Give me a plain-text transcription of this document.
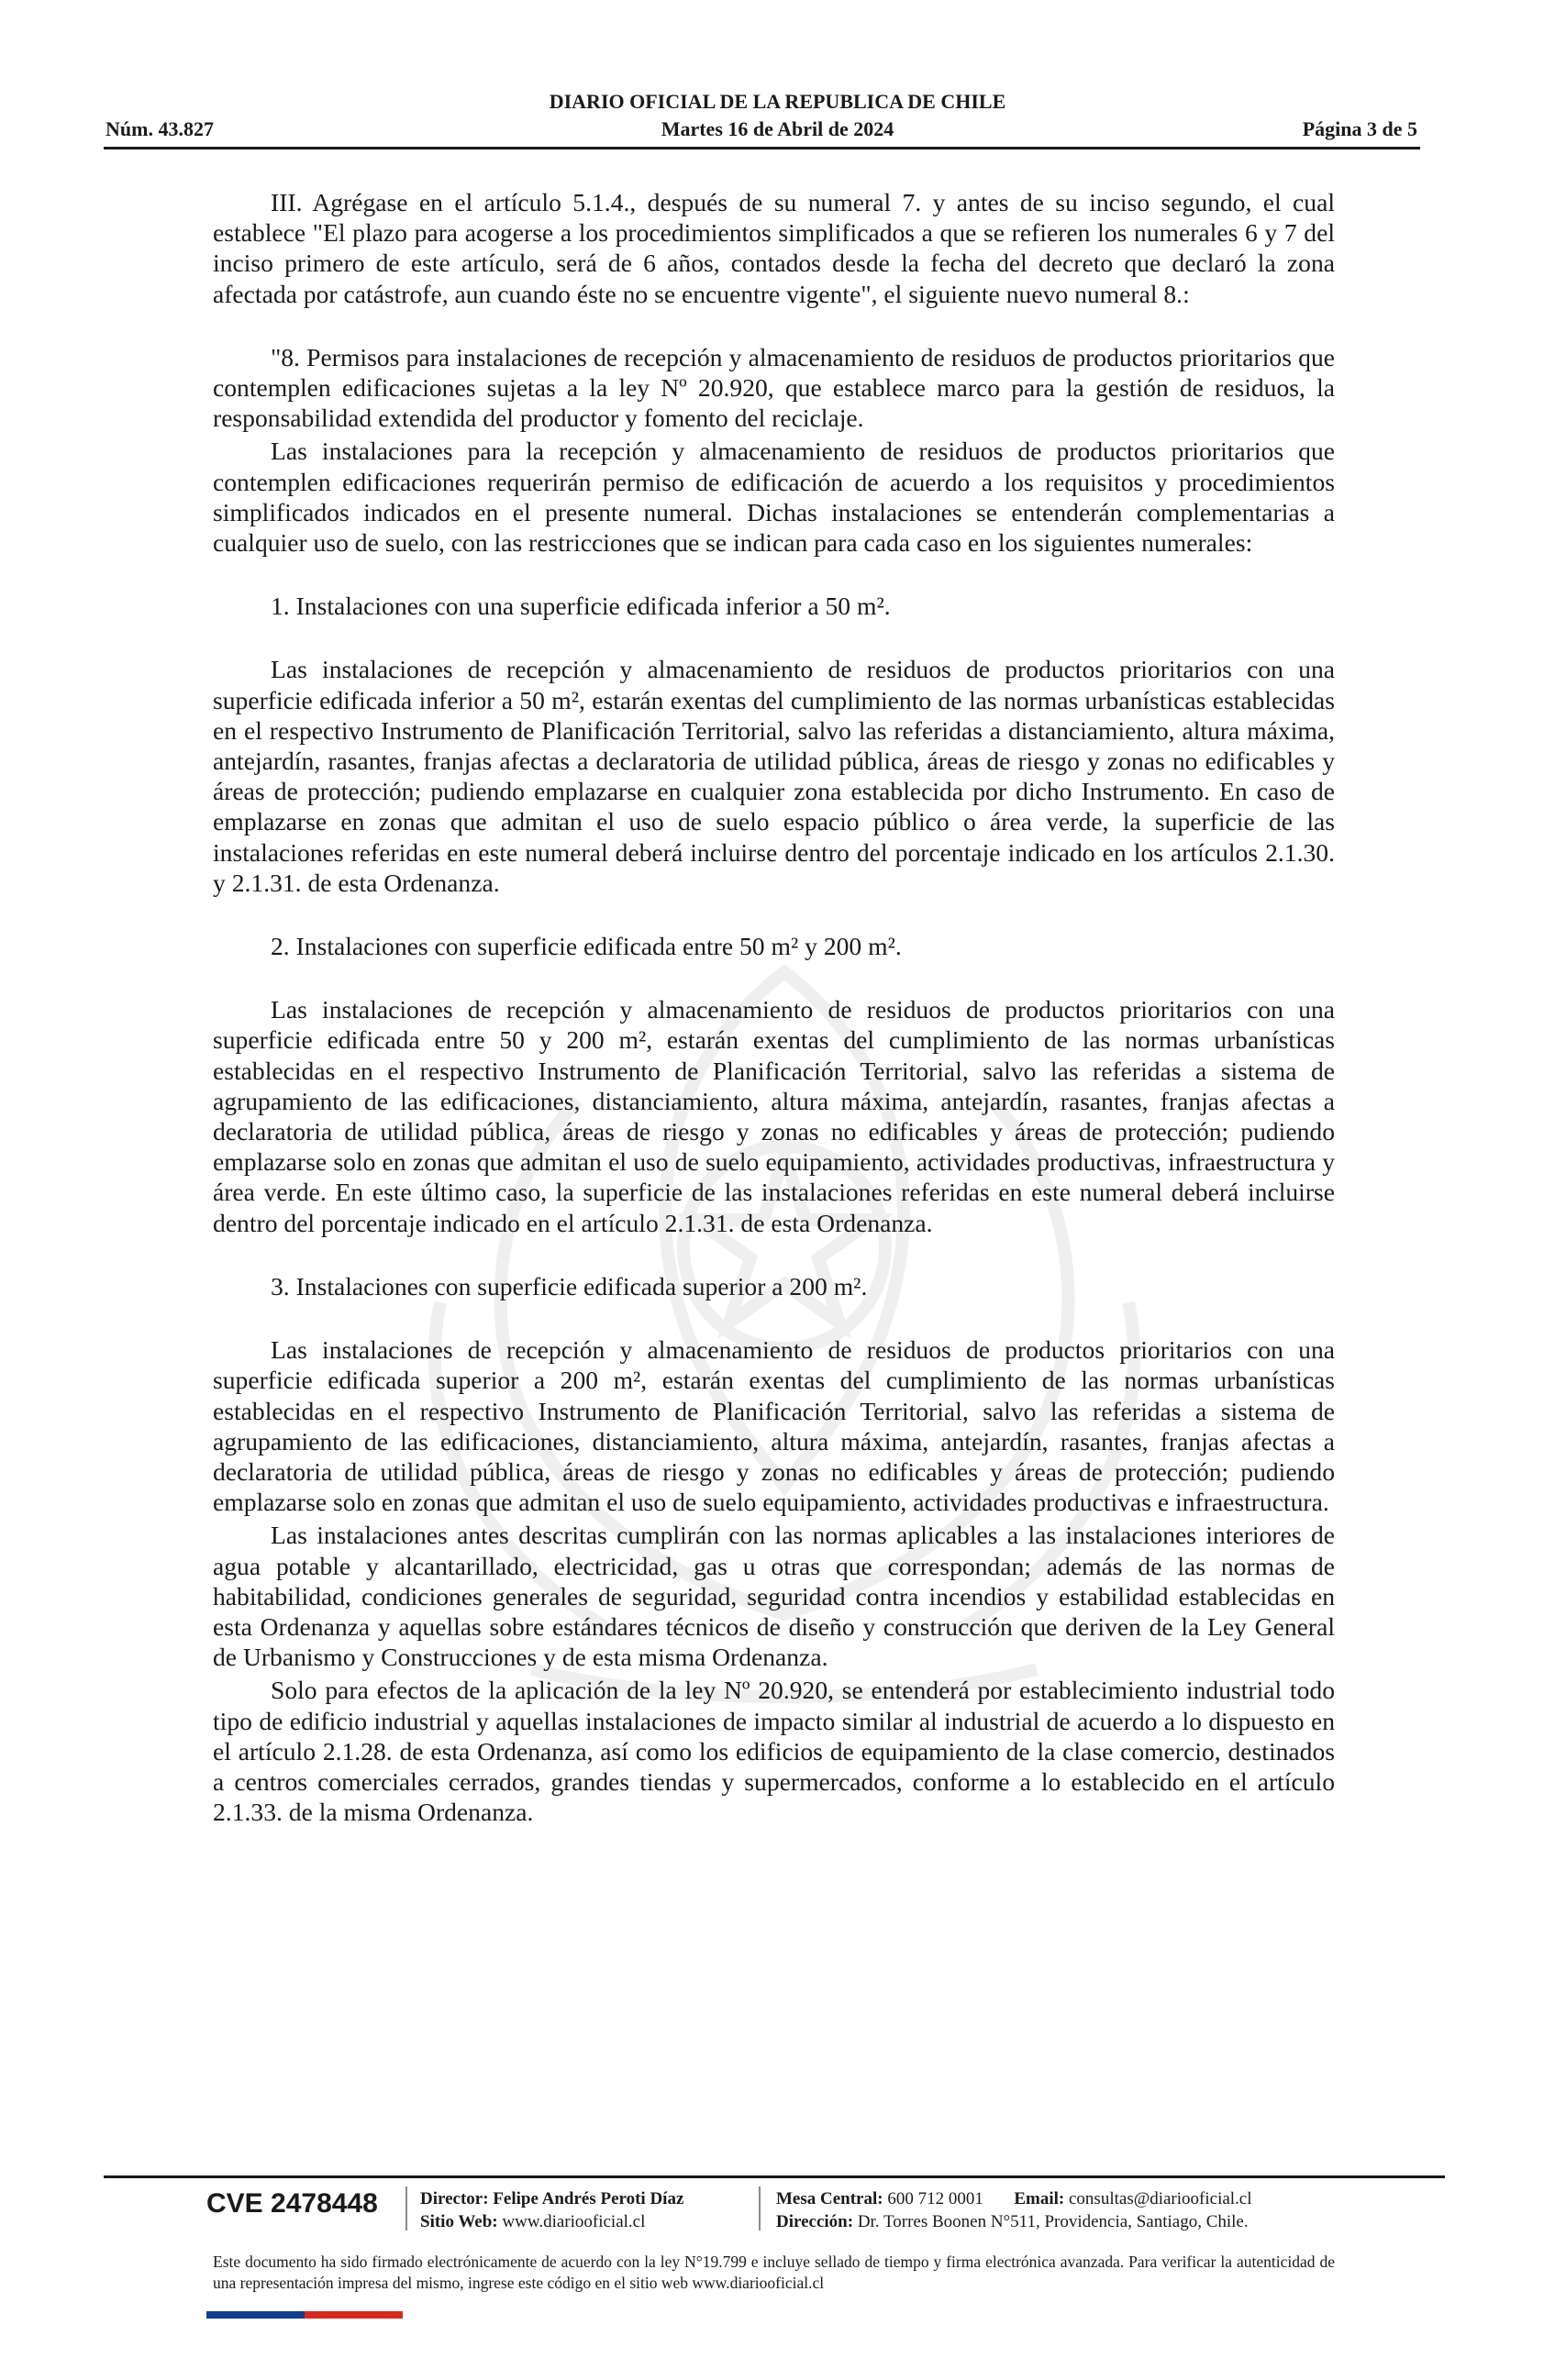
DIARIO OFICIAL DE LA REPUBLICA DE CHILE
Núm. 43.827	Martes 16 de Abril de 2024	Página 3 de 5

III. Agrégase en el artículo 5.1.4., después de su numeral 7. y antes de su inciso segundo, el cual establece "El plazo para acogerse a los procedimientos simplificados a que se refieren los numerales 6 y 7 del inciso primero de este artículo, será de 6 años, contados desde la fecha del decreto que declaró la zona afectada por catástrofe, aun cuando éste no se encuentre vigente", el siguiente nuevo numeral 8.:

"8. Permisos para instalaciones de recepción y almacenamiento de residuos de productos prioritarios que contemplen edificaciones sujetas a la ley Nº 20.920, que establece marco para la gestión de residuos, la responsabilidad extendida del productor y fomento del reciclaje.

Las instalaciones para la recepción y almacenamiento de residuos de productos prioritarios que contemplen edificaciones requerirán permiso de edificación de acuerdo a los requisitos y procedimientos simplificados indicados en el presente numeral. Dichas instalaciones se entenderán complementarias a cualquier uso de suelo, con las restricciones que se indican para cada caso en los siguientes numerales:

1. Instalaciones con una superficie edificada inferior a 50 m².

Las instalaciones de recepción y almacenamiento de residuos de productos prioritarios con una superficie edificada inferior a 50 m², estarán exentas del cumplimiento de las normas urbanísticas establecidas en el respectivo Instrumento de Planificación Territorial, salvo las referidas a distanciamiento, altura máxima, antejardín, rasantes, franjas afectas a declaratoria de utilidad pública, áreas de riesgo y zonas no edificables y áreas de protección; pudiendo emplazarse en cualquier zona establecida por dicho Instrumento. En caso de emplazarse en zonas que admitan el uso de suelo espacio público o área verde, la superficie de las instalaciones referidas en este numeral deberá incluirse dentro del porcentaje indicado en los artículos 2.1.30. y 2.1.31. de esta Ordenanza.

2. Instalaciones con superficie edificada entre 50 m² y 200 m².

Las instalaciones de recepción y almacenamiento de residuos de productos prioritarios con una superficie edificada entre 50 y 200 m², estarán exentas del cumplimiento de las normas urbanísticas establecidas en el respectivo Instrumento de Planificación Territorial, salvo las referidas a sistema de agrupamiento de las edificaciones, distanciamiento, altura máxima, antejardín, rasantes, franjas afectas a declaratoria de utilidad pública, áreas de riesgo y zonas no edificables y áreas de protección; pudiendo emplazarse solo en zonas que admitan el uso de suelo equipamiento, actividades productivas, infraestructura y área verde. En este último caso, la superficie de las instalaciones referidas en este numeral deberá incluirse dentro del porcentaje indicado en el artículo 2.1.31. de esta Ordenanza.

3. Instalaciones con superficie edificada superior a 200 m².

Las instalaciones de recepción y almacenamiento de residuos de productos prioritarios con una superficie edificada superior a 200 m², estarán exentas del cumplimiento de las normas urbanísticas establecidas en el respectivo Instrumento de Planificación Territorial, salvo las referidas a sistema de agrupamiento de las edificaciones, distanciamiento, altura máxima, antejardín, rasantes, franjas afectas a declaratoria de utilidad pública, áreas de riesgo y zonas no edificables y áreas de protección; pudiendo emplazarse solo en zonas que admitan el uso de suelo equipamiento, actividades productivas e infraestructura.

Las instalaciones antes descritas cumplirán con las normas aplicables a las instalaciones interiores de agua potable y alcantarillado, electricidad, gas u otras que correspondan; además de las normas de habitabilidad, condiciones generales de seguridad, seguridad contra incendios y estabilidad establecidas en esta Ordenanza y aquellas sobre estándares técnicos de diseño y construcción que deriven de la Ley General de Urbanismo y Construcciones y de esta misma Ordenanza.

Solo para efectos de la aplicación de la ley Nº 20.920, se entenderá por establecimiento industrial todo tipo de edificio industrial y aquellas instalaciones de impacto similar al industrial de acuerdo a lo dispuesto en el artículo 2.1.28. de esta Ordenanza, así como los edificios de equipamiento de la clase comercio, destinados a centros comerciales cerrados, grandes tiendas y supermercados, conforme a lo establecido en el artículo 2.1.33. de la misma Ordenanza.

CVE 2478448 Director: Felipe Andrés Peroti Díaz
Sitio Web: www.diariooficial.cl
Mesa Central: 600 712 0001 Email: consultas@diariooficial.cl
Dirección: Dr. Torres Boonen N°511, Providencia, Santiago, Chile.
Este documento ha sido firmado electrónicamente de acuerdo con la ley N°19.799 e incluye sellado de tiempo y firma electrónica avanzada. Para verificar la autenticidad de una representación impresa del mismo, ingrese este código en el sitio web www.diariooficial.cl
